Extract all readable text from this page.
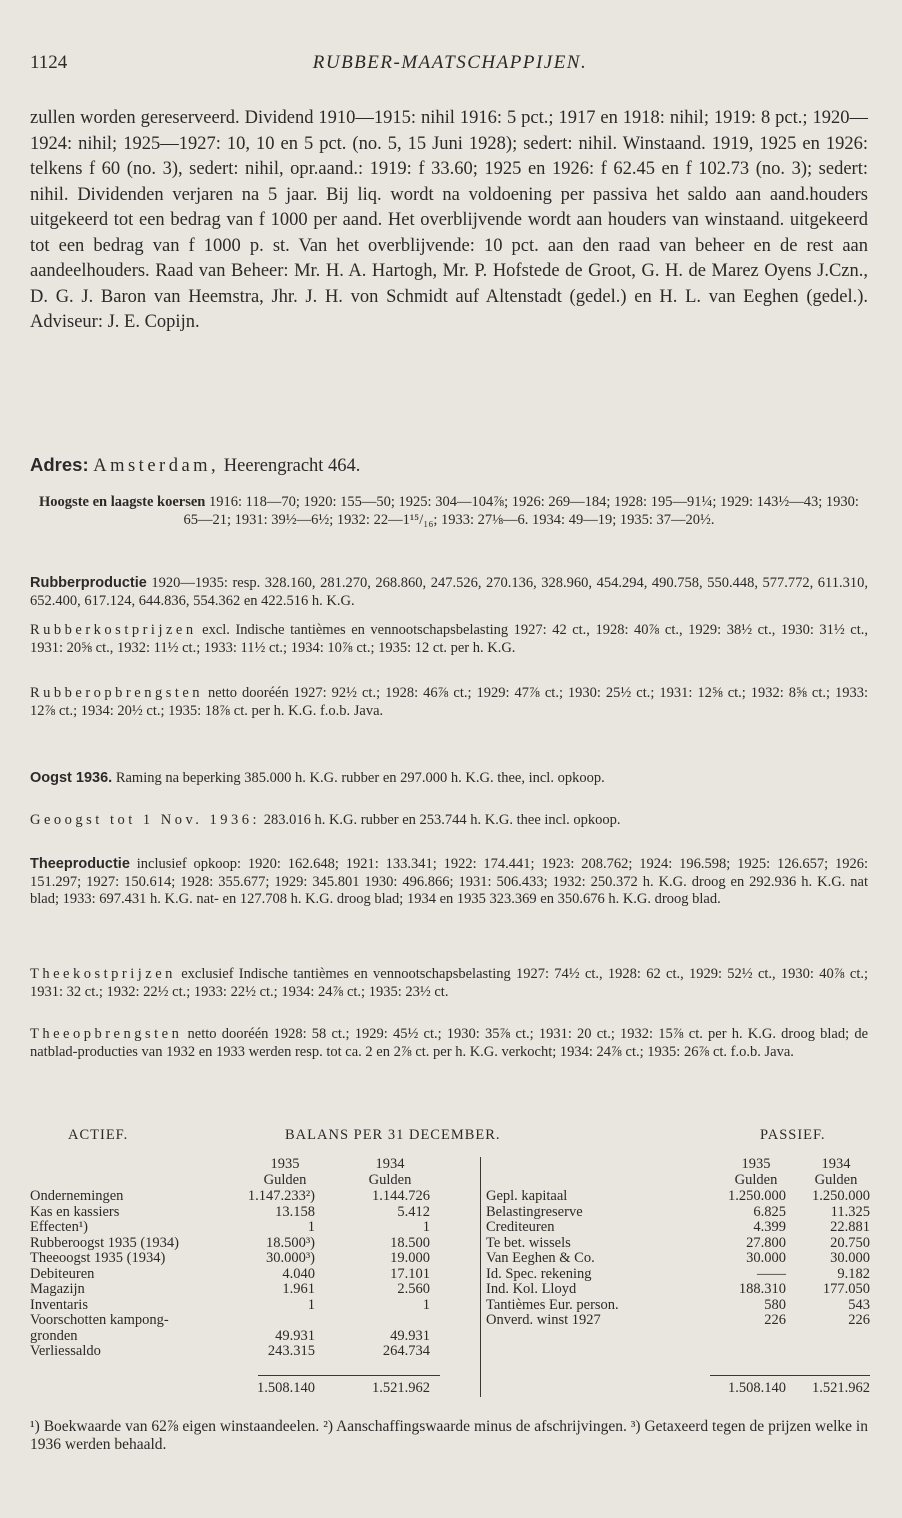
1124	RUBBER-MAATSCHAPPIJEN.
zullen worden gereserveerd. Dividend 1910—1915: nihil 1916: 5 pct.; 1917 en 1918: nihil; 1919: 8 pct.; 1920—1924: nihil; 1925—1927: 10, 10 en 5 pct. (no. 5, 15 Juni 1928); sedert: nihil. Winstaand. 1919, 1925 en 1926: telkens f 60 (no. 3), sedert: nihil, opr.aand.: 1919: f 33.60; 1925 en 1926: f 62.45 en f 102.73 (no. 3); sedert: nihil. Dividenden verjaren na 5 jaar. Bij liq. wordt na voldoening per passiva het saldo aan aand.houders uitgekeerd tot een bedrag van f 1000 per aand. Het overblijvende wordt aan houders van winstaand. uitgekeerd tot een bedrag van f 1000 p. st. Van het overblijvende: 10 pct. aan den raad van beheer en de rest aan aandeelhouders. Raad van Beheer: Mr. H. A. Hartogh, Mr. P. Hofstede de Groot, G. H. de Marez Oyens J.Czn., D. G. J. Baron van Heemstra, Jhr. J. H. von Schmidt auf Altenstadt (gedel.) en H. L. van Eeghen (gedel.). Adviseur: J. E. Copijn.
Adres: Amsterdam, Heerengracht 464.
Hoogste en laagste koersen 1916: 118—70; 1920: 155—50; 1925: 304—104⅞; 1926: 269—184; 1928: 195—91¼; 1929: 143½—43; 1930: 65—21; 1931: 39½—6½; 1932: 22—1¹⁵/₁₆; 1933: 27⅛—6. 1934: 49—19; 1935: 37—20½.
Rubberproductie 1920—1935: resp. 328.160, 281.270, 268.860, 247.526, 270.136, 328.960, 454.294, 490.758, 550.448, 577.772, 611.310, 652.400, 617.124, 644.836, 554.362 en 422.516 h. K.G.
Rubberkostprijzen excl. Indische tantièmes en vennootschapsbelasting 1927: 42 ct., 1928: 40⅞ ct., 1929: 38½ ct., 1930: 31½ ct., 1931: 20⅝ ct., 1932: 11½ ct.; 1933: 11½ ct.; 1934: 10⅞ ct.; 1935: 12 ct. per h. K.G.
Rubberopbrengsten netto dooréén 1927: 92½ ct.; 1928: 46⅞ ct.; 1929: 47⅞ ct.; 1930: 25½ ct.; 1931: 12⅝ ct.; 1932: 8⅝ ct.; 1933: 12⅞ ct.; 1934: 20½ ct.; 1935: 18⅞ ct. per h. K.G. f.o.b. Java.
Oogst 1936. Raming na beperking 385.000 h. K.G. rubber en 297.000 h. K.G. thee, incl. opkoop.
Geoogst tot 1 Nov. 1936: 283.016 h. K.G. rubber en 253.744 h. K.G. thee incl. opkoop.
Theeproductie inclusief opkoop: 1920: 162.648; 1921: 133.341; 1922: 174.441; 1923: 208.762; 1924: 196.598; 1925: 126.657; 1926: 151.297; 1927: 150.614; 1928: 355.677; 1929: 345.801 1930: 496.866; 1931: 506.433; 1932: 250.372 h. K.G. droog en 292.936 h. K.G. nat blad; 1933: 697.431 h. K.G. nat- en 127.708 h. K.G. droog blad; 1934 en 1935 323.369 en 350.676 h. K.G. droog blad.
Theekostprijzen exclusief Indische tantièmes en vennootschapsbelasting 1927: 74½ ct., 1928: 62 ct., 1929: 52½ ct., 1930: 40⅞ ct.; 1931: 32 ct.; 1932: 22½ ct.; 1933: 22½ ct.; 1934: 24⅞ ct.; 1935: 23½ ct.
Theeopbrengsten netto dooréén 1928: 58 ct.; 1929: 45½ ct.; 1930: 35⅞ ct.; 1931: 20 ct.; 1932: 15⅞ ct. per h. K.G. droog blad; de natblad-producties van 1932 en 1933 werden resp. tot ca. 2 en 2⅞ ct. per h. K.G. verkocht; 1934: 24⅞ ct.; 1935: 26⅞ ct. f.o.b. Java.
ACTIEF.	BALANS PER 31 DECEMBER.	PASSIEF.
1935	1934
Gulden	Gulden
Ondernemingen	1.147.233²)	1.144.726
Kas en kassiers	13.158	5.412
Effecten¹)	1	1
Rubberoogst 1935 (1934)	18.500³)	18.500
Theeoogst 1935 (1934)	30.000³)	19.000
Debiteuren	4.040	17.101
Magazijn	1.961	2.560
Inventaris	1	1
Voorschotten kampong-
gronden	49.931	49.931
Verliessaldo	243.315	264.734
1935	1934
Gulden	Gulden
Gepl. kapitaal	1.250.000	1.250.000
Belastingreserve	6.825	11.325
Crediteuren	4.399	22.881
Te bet. wissels	27.800	20.750
Van Eeghen & Co.	30.000	30.000
Id. Spec. rekening	——	9.182
Ind. Kol. Lloyd	188.310	177.050
Tantièmes Eur. person.	580	543
Onverd. winst 1927	226	226
1.508.140	1.521.962	1.508.140	1.521.962
¹) Boekwaarde van 62⅞ eigen winstaandeelen. ²) Aanschaffingswaarde minus de afschrijvingen. ³) Getaxeerd tegen de prijzen welke in 1936 werden behaald.
